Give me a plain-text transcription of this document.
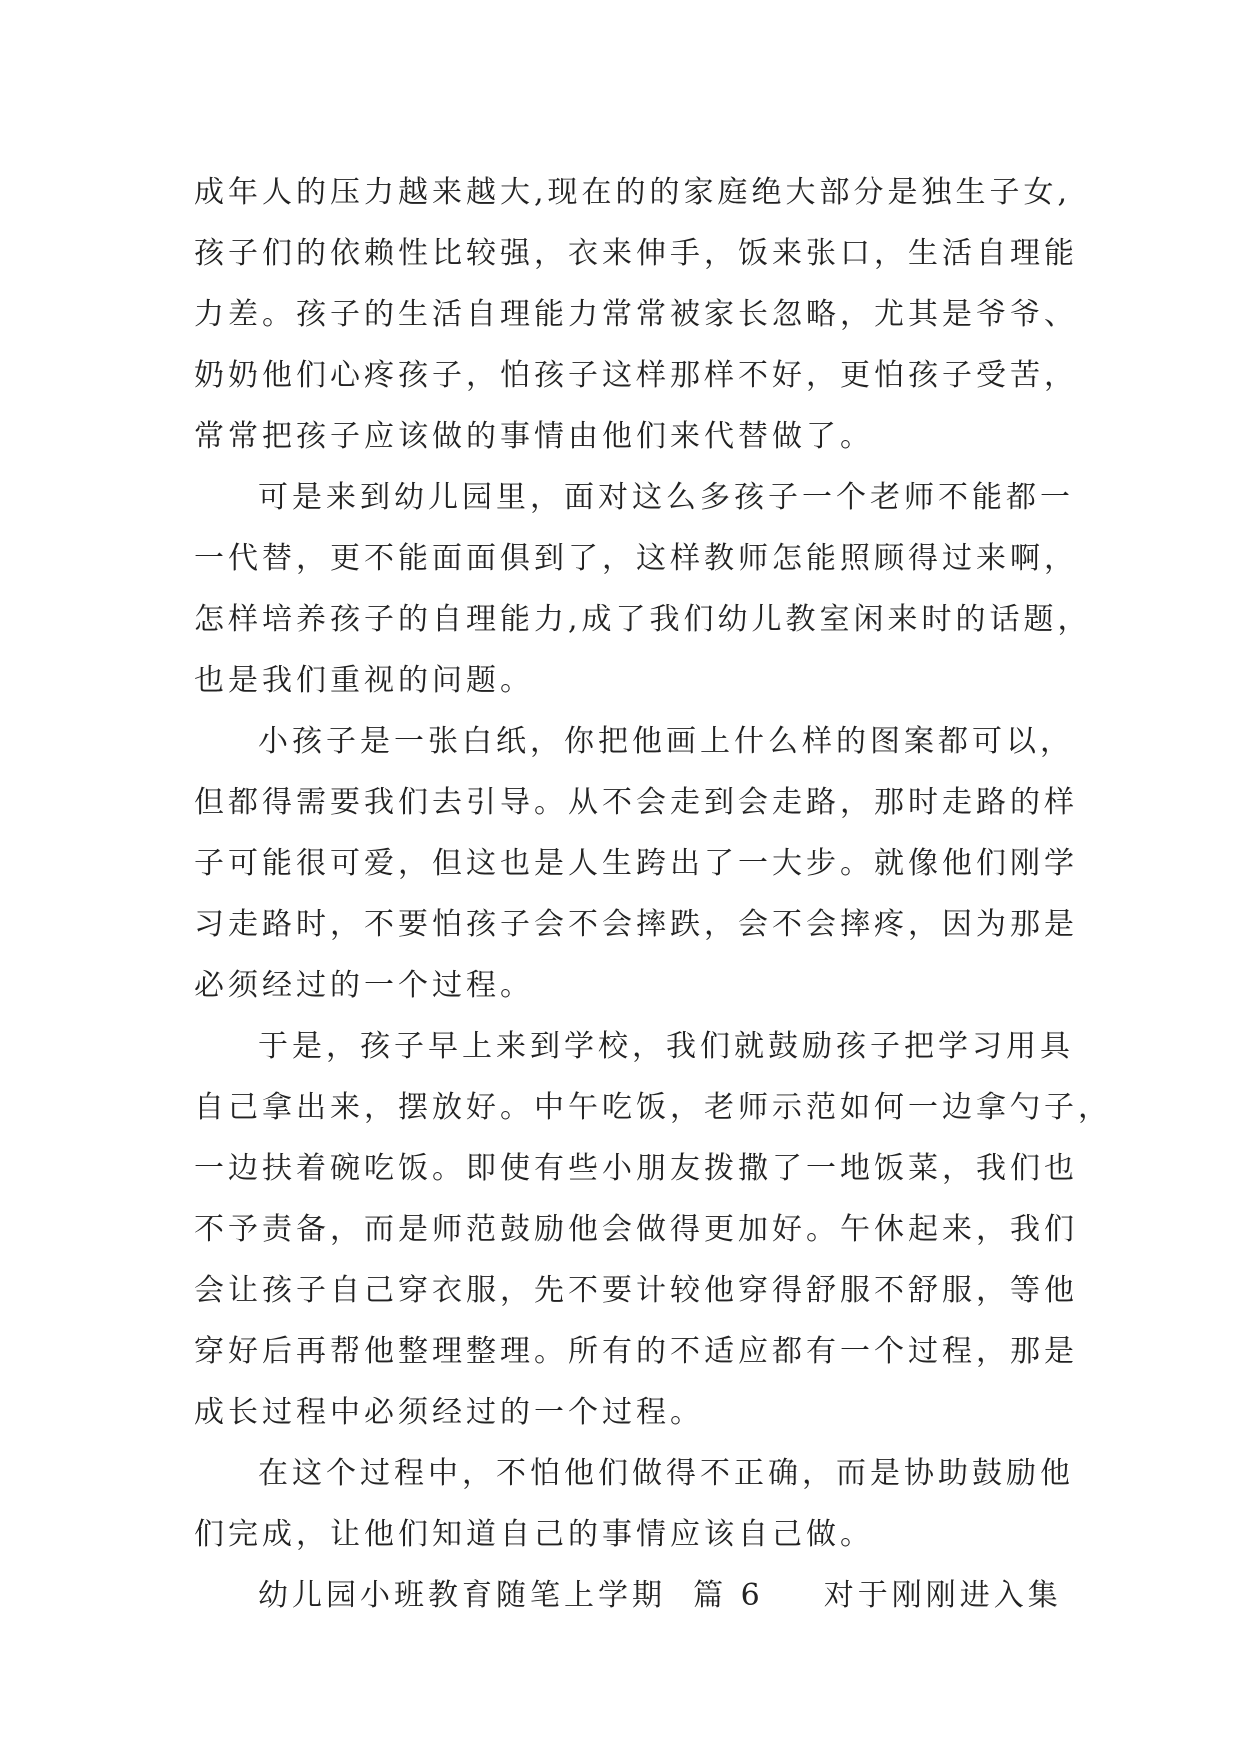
成年人的压力越来越大,现在的的家庭绝大部分是独生子女,
孩子们的依赖性比较强，衣来伸手，饭来张口，生活自理能
力差。孩子的生活自理能力常常被家长忽略，尤其是爷爷、
奶奶他们心疼孩子，怕孩子这样那样不好，更怕孩子受苦，
常常把孩子应该做的事情由他们来代替做了。
可是来到幼儿园里，面对这么多孩子一个老师不能都一
一代替，更不能面面俱到了，这样教师怎能照顾得过来啊，
怎样培养孩子的自理能力,成了我们幼儿教室闲来时的话题，
也是我们重视的问题。
小孩子是一张白纸，你把他画上什么样的图案都可以，
但都得需要我们去引导。从不会走到会走路，那时走路的样
子可能很可爱，但这也是人生跨出了一大步。就像他们刚学
习走路时，不要怕孩子会不会摔跌，会不会摔疼，因为那是
必须经过的一个过程。
于是，孩子早上来到学校，我们就鼓励孩子把学习用具
自己拿出来，摆放好。中午吃饭，老师示范如何一边拿勺子，
一边扶着碗吃饭。即使有些小朋友拨撒了一地饭菜，我们也
不予责备，而是师范鼓励他会做得更加好。午休起来，我们
会让孩子自己穿衣服，先不要计较他穿得舒服不舒服，等他
穿好后再帮他整理整理。所有的不适应都有一个过程，那是
成长过程中必须经过的一个过程。
在这个过程中，不怕他们做得不正确，而是协助鼓励他
们完成，让他们知道自己的事情应该自己做。
幼儿园小班教育随笔上学期 篇 6 对于刚刚进入集
